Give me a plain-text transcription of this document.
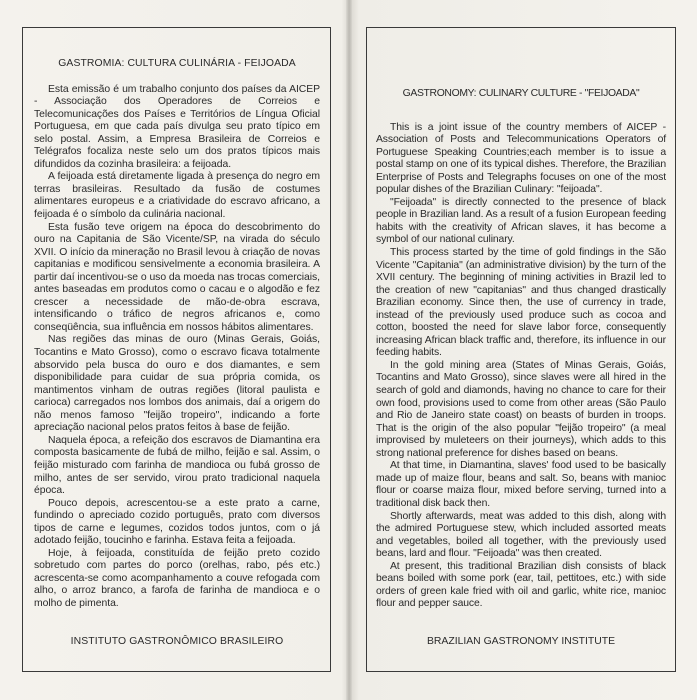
GASTROMIA: CULTURA CULINÁRIA - FEIJOADA

Esta emissão é um trabalho conjunto dos países da AICEP - Associação dos Operadores de Correios e Telecomunicações dos Países e Territórios de Língua Oficial Portuguesa, em que cada país divulga seu prato típico em selo postal. Assim, a Empresa Brasileira de Correios e Telégrafos focaliza neste selo um dos pratos típicos mais difundidos da cozinha brasileira: a feijoada.

A feijoada está diretamente ligada à presença do negro em terras brasileiras. Resultado da fusão de costumes alimentares europeus e a criatividade do escravo africano, a feijoada é o símbolo da culinária nacional.

Esta fusão teve origem na época do descobrimento do ouro na Capitania de São Vicente/SP, na virada do século XVII. O início da mineração no Brasil levou à criação de novas capitanias e modificou sensivelmente a economia brasileira. A partir daí incentivou-se o uso da moeda nas trocas comerciais, antes baseadas em produtos como o cacau e o algodão e fez crescer a necessidade de mão-de-obra escrava, intensificando o tráfico de negros africanos e, como conseqüência, sua influência em nossos hábitos alimentares.

Nas regiões das minas de ouro (Minas Gerais, Goiás, Tocantins e Mato Grosso), como o escravo ficava totalmente absorvido pela busca do ouro e dos diamantes, e sem disponibilidade para cuidar de sua própria comida, os mantimentos vinham de outras regiões (litoral paulista e carioca) carregados nos lombos dos animais, daí a origem do não menos famoso "feijão tropeiro", indicando a forte apreciação nacional pelos pratos feitos à base de feijão.

Naquela época, a refeição dos escravos de Diamantina era composta basicamente de fubá de milho, feijão e sal. Assim, o feijão misturado com farinha de mandioca ou fubá grosso de milho, antes de ser servido, virou prato tradicional naquela época.

Pouco depois, acrescentou-se a este prato a carne, fundindo o apreciado cozido português, prato com diversos tipos de carne e legumes, cozidos todos juntos, com o já adotado feijão, toucinho e farinha. Estava feita a feijoada.

Hoje, à feijoada, constituída de feijão preto cozido sobretudo com partes do porco (orelhas, rabo, pés etc.) acrescenta-se como acompanhamento a couve refogada com alho, o arroz branco, a farofa de farinha de mandioca e o molho de pimenta.

INSTITUTO GASTRONÔMICO BRASILEIRO

GASTRONOMY: CULINARY CULTURE - "FEIJOADA"

This is a joint issue of the country members of AICEP - Association of Posts and Telecommunications Operators of Portuguese Speaking Countries;each member is to issue a postal stamp on one of its typical dishes. Therefore, the Brazilian Enterprise of Posts and Telegraphs focuses on one of the most popular dishes of the Brazilian Culinary: "feijoada".

"Feijoada" is directly connected to the presence of black people in Brazilian land. As a result of a fusion European feeding habits with the creativity of African slaves, it has become a symbol of our national culinary.

This process started by the time of gold findings in the São Vicente "Capitania" (an administrative division) by the turn of the XVII century. The beginning of mining activities in Brazil led to the creation of new "capitanias" and thus changed drastically Brazilian economy. Since then, the use of currency in trade, instead of the previously used produce such as cocoa and cotton, boosted the need for slave labor force, consequently increasing African black traffic and, therefore, its influence in our feeding habits.

In the gold mining area (States of Minas Gerais, Goiás, Tocantins and Mato Grosso), since slaves were all hired in the search of gold and diamonds, having no chance to care for their own food, provisions used to come from other areas (São Paulo and Rio de Janeiro state coast) on beasts of burden in troops. That is the origin of the also popular "feijão tropeiro" (a meal improvised by muleteers on their journeys), which adds to this strong national preference for dishes based on beans.

At that time, in Diamantina, slaves' food used to be basically made up of maize flour, beans and salt. So, beans with manioc flour or coarse maiza flour, mixed before serving, turned into a traditional disk back then.

Shortly afterwards, meat was added to this dish, along with the admired Portuguese stew, which included assorted meats and vegetables, boiled all together, with the previously used beans, lard and flour. "Feijoada" was then created.

At present, this traditional Brazilian dish consists of black beans boiled with some pork (ear, tail, pettitoes, etc.) with side orders of green kale fried with oil and garlic, white rice, manioc flour and pepper sauce.

BRAZILIAN GASTRONOMY INSTITUTE
